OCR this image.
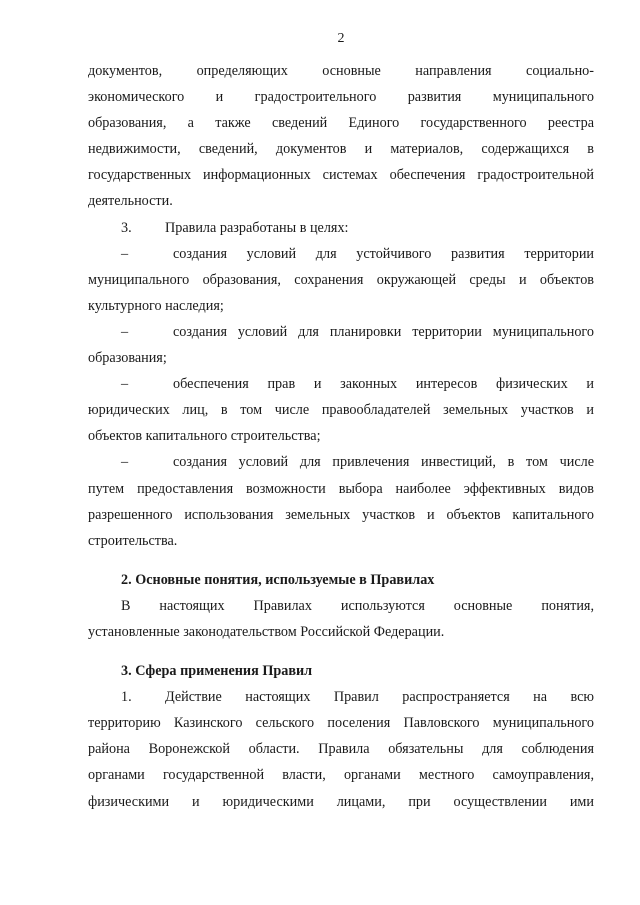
2
документов, определяющих основные направления социально-
экономического и градостроительного развития муниципального
образования, а также сведений Единого государственного реестра
недвижимости, сведений, документов и материалов, содержащихся в
государственных информационных системах обеспечения градостроительной
деятельности.
3.	Правила разработаны в целях:
–	создания условий для устойчивого развития территории
муниципального образования, сохранения окружающей среды и объектов
культурного наследия;
–	создания условий для планировки территории муниципального
образования;
–	обеспечения прав и законных интересов физических и
юридических лиц, в том числе правообладателей земельных участков и
объектов капитального строительства;
–	создания условий для привлечения инвестиций, в том числе
путем предоставления возможности выбора наиболее эффективных видов
разрешенного использования земельных участков и объектов капитального
строительства.
2. Основные понятия, используемые в Правилах
В настоящих Правилах используются основные понятия,
установленные законодательством Российской Федерации.
3. Сфера применения Правил
1.	Действие настоящих Правил распространяется на всю
территорию Казинского сельского поселения Павловского муниципального
района Воронежской области. Правила обязательны для соблюдения
органами государственной власти, органами местного самоуправления,
физическими и юридическими лицами, при осуществлении ими
